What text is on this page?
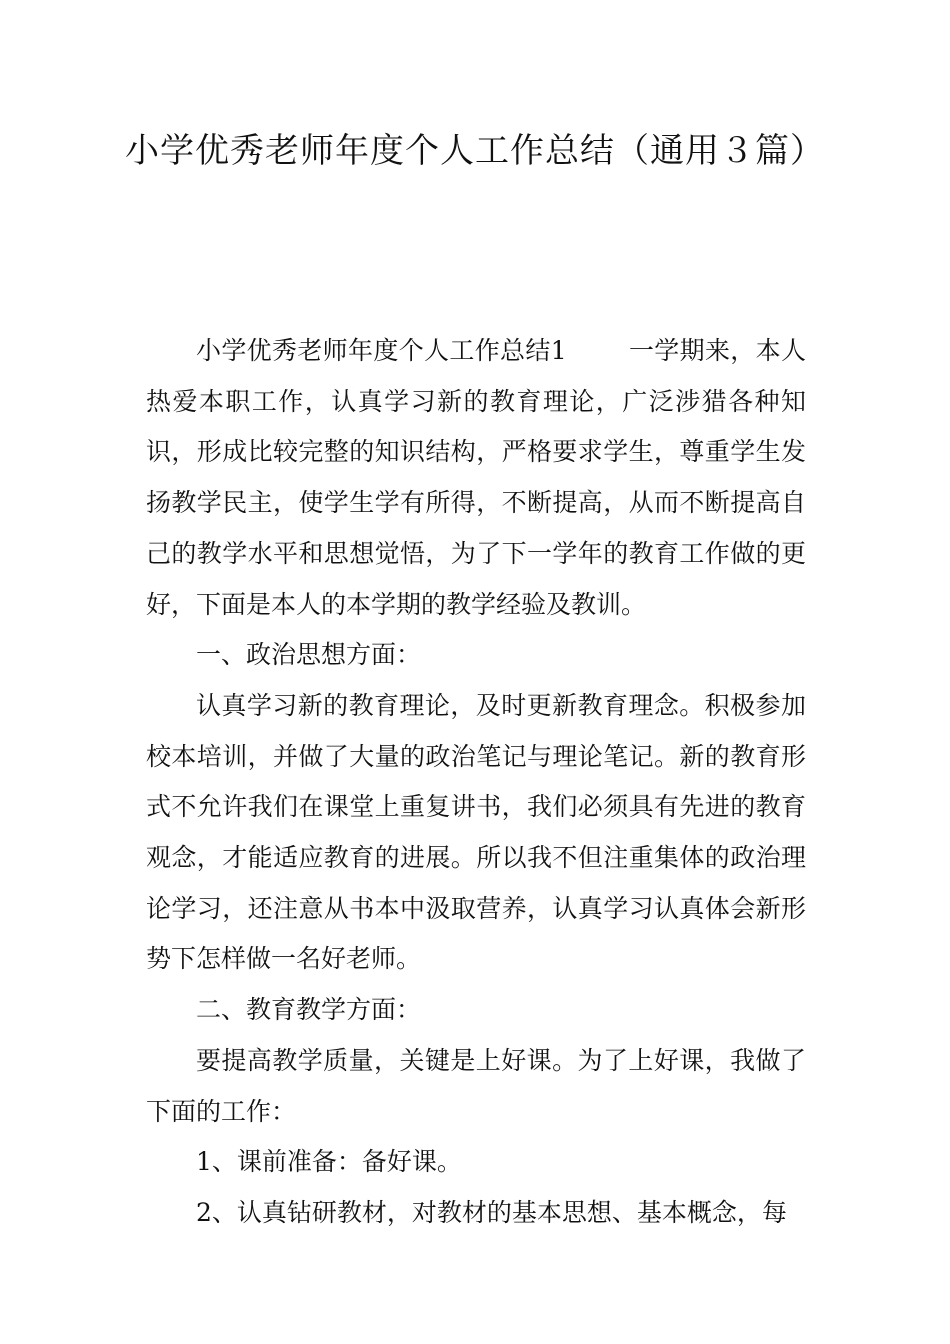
小学优秀老师年度个人工作总结（通用３篇）

小学优秀老师年度个人工作总结1 一学期来，本人热爱本职工作，认真学习新的教育理论，广泛涉猎各种知识，形成比较完整的知识结构，严格要求学生，尊重学生发扬教学民主，使学生学有所得，不断提高，从而不断提高自己的教学水平和思想觉悟，为了下一学年的教育工作做的更好，下面是本人的本学期的教学经验及教训。

一、政治思想方面：

认真学习新的教育理论，及时更新教育理念。积极参加校本培训，并做了大量的政治笔记与理论笔记。新的教育形式不允许我们在课堂上重复讲书，我们必须具有先进的教育观念，才能适应教育的进展。所以我不但注重集体的政治理论学习，还注意从书本中汲取营养，认真学习认真体会新形势下怎样做一名好老师。

二、教育教学方面：

要提高教学质量，关键是上好课。为了上好课，我做了下面的工作：

1、课前准备：备好课。

2、认真钻研教材，对教材的基本思想、基本概念，每
